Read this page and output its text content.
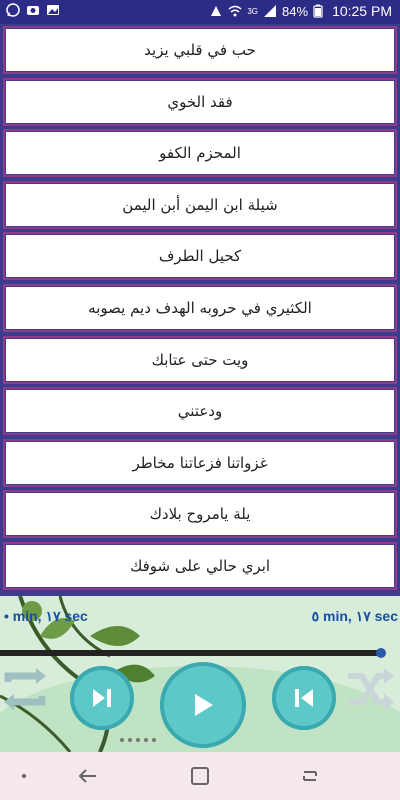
3G 84% 10:25 PM
حب في قلبي يزيد
فقد الخوي
المحزم الكفو
شيلة ابن اليمن أبن اليمن
كحيل الطرف
الكثيري في حروبه الهدف ديم يصوبه
ويت حتى عتابك
ودعتني
غزواتنا فزعاتنا مخاطر
يلة يامروح بلادك
ابري حالي على شوفك
• min, ١٧ sec	٥ min, ١٧ sec
